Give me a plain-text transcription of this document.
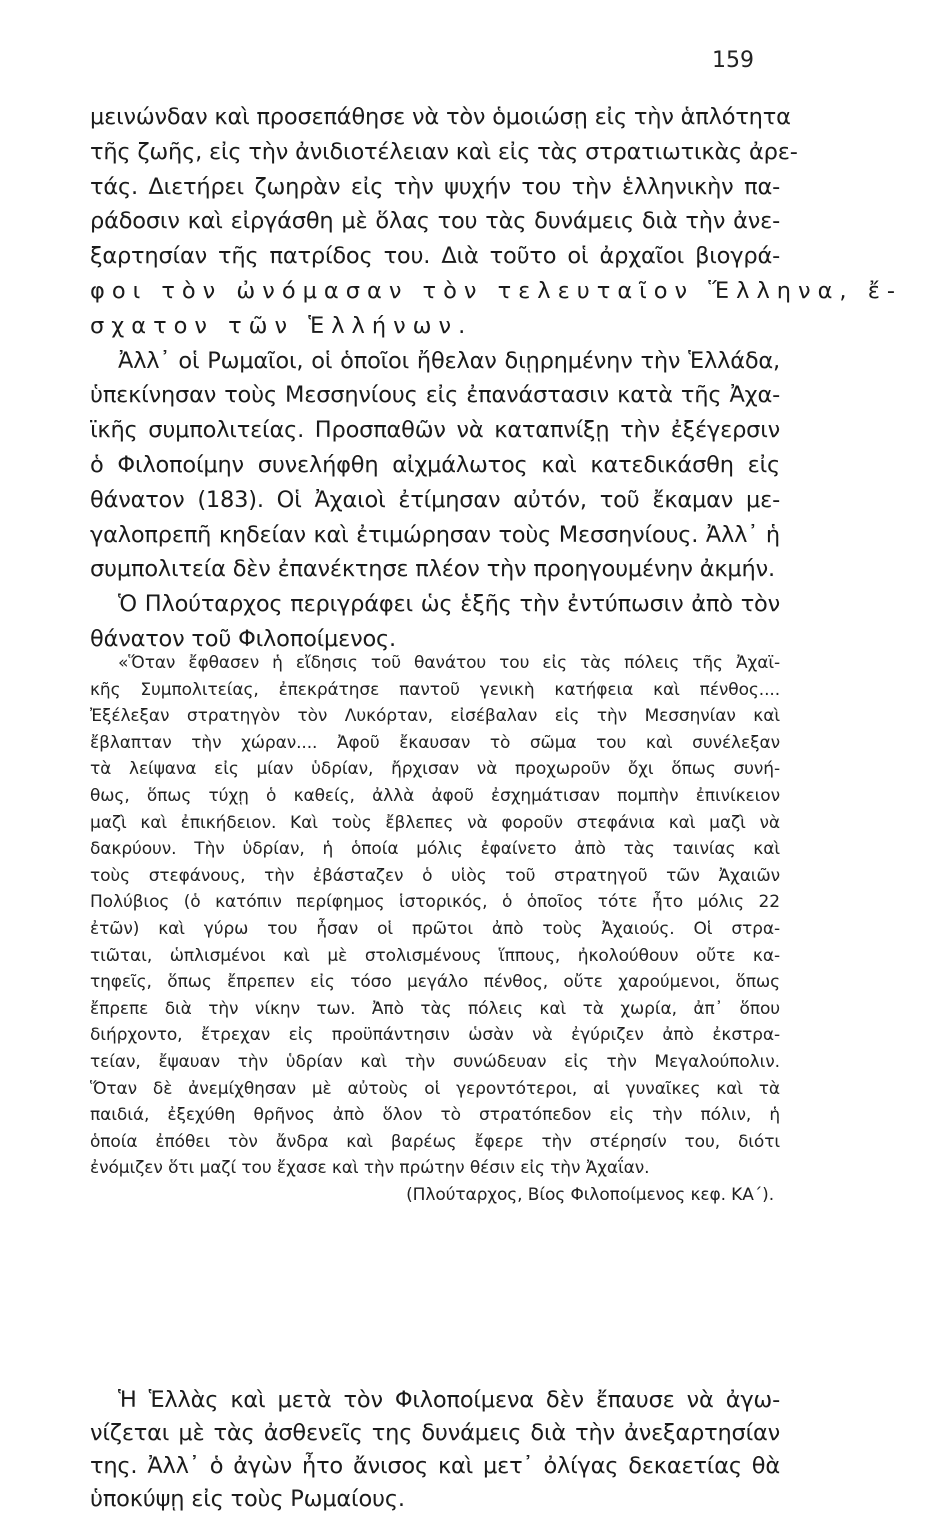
159
μεινώνδαν καὶ προσεπάθησε νὰ τὸν ὁμοιώσῃ εἰς τὴν ἁπλότητα
τῆς ζωῆς, εἰς τὴν ἀνιδιοτέλειαν καὶ εἰς τὰς στρατιωτικὰς ἀρε-
τάς. Διετήρει ζωηρὰν εἰς τὴν ψυχήν του τὴν ἑλληνικὴν πα-
ράδοσιν καὶ εἰργάσθη μὲ ὅλας του τὰς δυνάμεις διὰ τὴν ἀνε-
ξαρτησίαν τῆς πατρίδος του. Διὰ τοῦτο οἱ ἀρχαῖοι βιογρά-
φοι τὸν ὠνόμασαν τὸν τελευταῖον Ἕλληνα, ἔ-
σχατον τῶν Ἑλλήνων.
Ἀλλ᾿ οἱ Ρωμαῖοι, οἱ ὁποῖοι ἤθελαν διῃρημένην τὴν Ἑλλάδα,
ὑπεκίνησαν τοὺς Μεσσηνίους εἰς ἐπανάστασιν κατὰ τῆς Ἀχα-
ϊκῆς συμπολιτείας. Προσπαθῶν νὰ καταπνίξῃ τὴν ἐξέγερσιν
ὁ Φιλοποίμην συνελήφθη αἰχμάλωτος καὶ κατεδικάσθη εἰς
θάνατον (183). Οἱ Ἀχαιοὶ ἐτίμησαν αὐτόν, τοῦ ἔκαμαν με-
γαλοπρεπῆ κηδείαν καὶ ἐτιμώρησαν τοὺς Μεσσηνίους. Ἀλλ᾿ ἡ
συμπολιτεία δὲν ἐπανέκτησε πλέον τὴν προηγουμένην ἀκμήν.
Ὁ Πλούταρχος περιγράφει ὡς ἑξῆς τὴν ἐντύπωσιν ἀπὸ τὸν
θάνατον τοῦ Φιλοποίμενος.
«Ὅταν ἔφθασεν ἡ εἴδησις τοῦ θανάτου του εἰς τὰς πόλεις τῆς Ἀχαϊ-
κῆς Συμπολιτείας, ἐπεκράτησε παντοῦ γενικὴ κατήφεια καὶ πένθος....
Ἐξέλεξαν στρατηγὸν τὸν Λυκόρταν, εἰσέβαλαν εἰς τὴν Μεσσηνίαν καὶ
ἔβλαπταν τὴν χώραν.... Ἀφοῦ ἔκαυσαν τὸ σῶμα του καὶ συνέλεξαν
τὰ λείψανα εἰς μίαν ὑδρίαν, ἤρχισαν νὰ προχωροῦν ὄχι ὅπως συνή-
θως, ὅπως τύχῃ ὁ καθείς, ἀλλὰ ἀφοῦ ἐσχημάτισαν πομπὴν ἐπινίκειον
μαζὶ καὶ ἐπικήδειον. Καὶ τοὺς ἔβλεπες νὰ φοροῦν στεφάνια καὶ μαζὶ νὰ
δακρύουν. Τὴν ὑδρίαν, ἡ ὁποία μόλις ἐφαίνετο ἀπὸ τὰς ταινίας καὶ
τοὺς στεφάνους, τὴν ἐβάσταζεν ὁ υἱὸς τοῦ στρατηγοῦ τῶν Ἀχαιῶν
Πολύβιος (ὁ κατόπιν περίφημος ἱστορικός, ὁ ὁποῖος τότε ἦτο μόλις 22
ἐτῶν) καὶ γύρω του ἦσαν οἱ πρῶτοι ἀπὸ τοὺς Ἀχαιούς. Οἱ στρα-
τιῶται, ὡπλισμένοι καὶ μὲ στολισμένους ἵππους, ἠκολούθουν οὔτε κα-
τηφεῖς, ὅπως ἔπρεπεν εἰς τόσο μεγάλο πένθος, οὔτε χαρούμενοι, ὅπως
ἔπρεπε διὰ τὴν νίκην των. Ἀπὸ τὰς πόλεις καὶ τὰ χωρία, ἀπ᾿ ὅπου
διήρχοντο, ἔτρεχαν εἰς προϋπάντησιν ὡσὰν νὰ ἐγύριζεν ἀπὸ ἐκστρα-
τείαν, ἔψαυαν τὴν ὑδρίαν καὶ τὴν συνώδευαν εἰς τὴν Μεγαλούπολιν.
Ὅταν δὲ ἀνεμίχθησαν μὲ αὐτοὺς οἱ γεροντότεροι, αἱ γυναῖκες καὶ τὰ
παιδιά, ἐξεχύθη θρῆνος ἀπὸ ὅλον τὸ στρατόπεδον εἰς τὴν πόλιν, ἡ
ὁποία ἐπόθει τὸν ἄνδρα καὶ βαρέως ἔφερε τὴν στέρησίν του, διότι
ἐνόμιζεν ὅτι μαζί του ἔχασε καὶ τὴν πρώτην θέσιν εἰς τὴν Ἀχαΐαν.
(Πλούταρχος, Βίος Φιλοποίμενος κεφ. ΚΑ΄).
Ἡ Ἑλλὰς καὶ μετὰ τὸν Φιλοποίμενα δὲν ἔπαυσε νὰ ἀγω-
νίζεται μὲ τὰς ἀσθενεῖς της δυνάμεις διὰ τὴν ἀνεξαρτησίαν
της. Ἀλλ᾿ ὁ ἀγὼν ἦτο ἄνισος καὶ μετ᾿ ὀλίγας δεκαετίας θὰ
ὑποκύψῃ εἰς τοὺς Ρωμαίους.
